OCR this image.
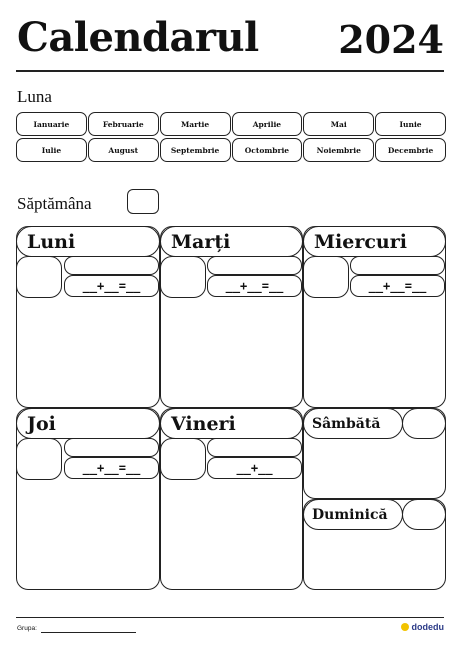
Calendarul 2024
Luna
Ianuarie	Februarie	Martie	Aprilie	Mai	Iunie
Iulie	August	Septembrie	Octombrie	Noiembrie	Decembrie
Săptămâna
Luni
__+__=__
Marți
__+__=__
Miercuri
__+__=__
Joi
__+__=__
Vineri
__+__
Sâmbătă
Duminică
Grupa:	dodedu
